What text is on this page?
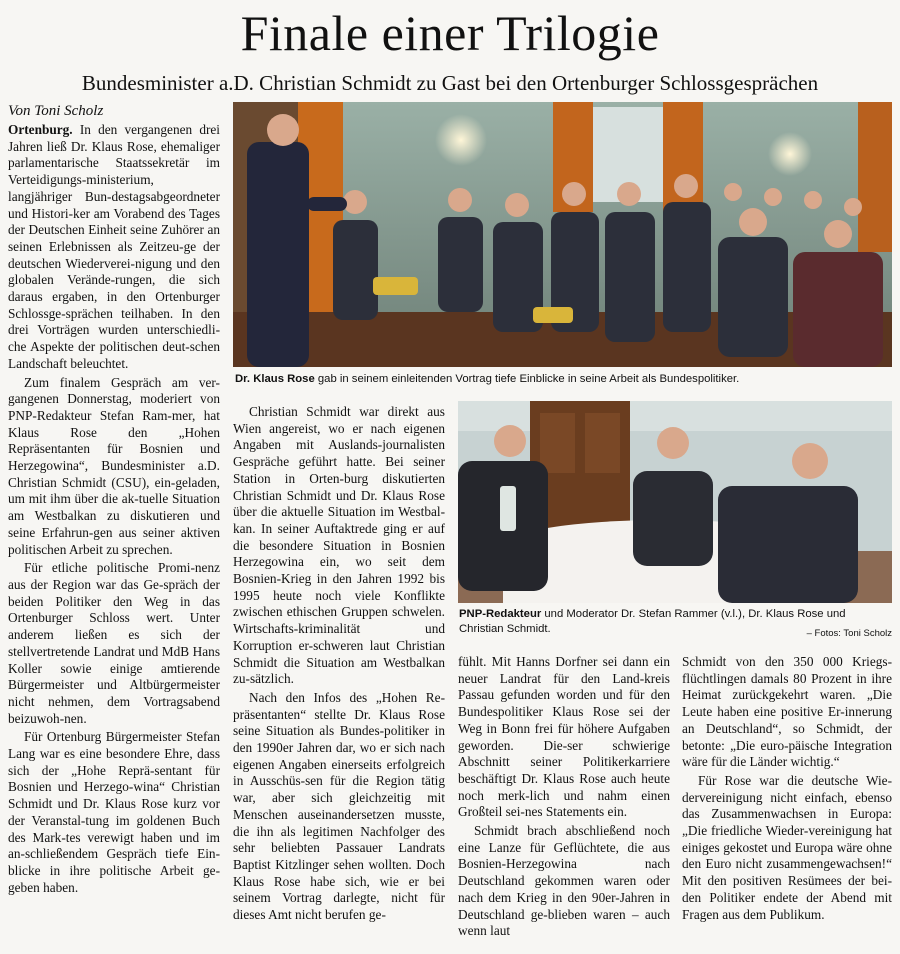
Finale einer Trilogie
Bundesminister a.D. Christian Schmidt zu Gast bei den Ortenburger Schlossgesprächen
Von Toni Scholz
Dr. Klaus Rose gab in seinem einleitenden Vortrag tiefe Einblicke in seine Arbeit als Bundespolitiker.
PNP-Redakteur und Moderator Dr. Stefan Rammer (v.l.), Dr. Klaus Rose und Christian Schmidt.	– Fotos: Toni Scholz

Ortenburg. In den vergangenen drei Jahren ließ Dr. Klaus Rose, ehemaliger parlamentarische Staatssekretär im Verteidigungs-ministerium, langjähriger Bun-destagsabgeordneter und Histori-ker am Vorabend des Tages der Deutschen Einheit seine Zuhörer an seinen Erlebnissen als Zeitzeu-ge der deutschen Wiederverei-nigung und den globalen Verände-rungen, die sich daraus ergaben, in den Ortenburger Schlossge-sprächen teilhaben. In den drei Vorträgen wurden unterschiedli-che Aspekte der politischen deut-schen Landschaft beleuchtet.

Zum finalem Gespräch am ver-gangenen Donnerstag, moderiert von PNP-Redakteur Stefan Ram-mer, hat Klaus Rose den „Hohen Repräsentanten für Bosnien und Herzegowina“, Bundesminister a.D. Christian Schmidt (CSU), ein-geladen, um mit ihm über die ak-tuelle Situation am Westbalkan zu diskutieren und seine Erfahrun-gen aus seiner aktiven politischen Arbeit zu sprechen.

Für etliche politische Promi-nenz aus der Region war das Ge-spräch der beiden Politiker den Weg in das Ortenburger Schloss wert. Unter anderem ließen es sich der stellvertretende Landrat und MdB Hans Koller sowie einige amtierende Bürgermeister und Altbürgermeister nicht nehmen, dem Vortragsabend beizuwoh-nen.

Für Ortenburg Bürgermeister Stefan Lang war es eine besondere Ehre, dass sich der „Hohe Reprä-sentant für Bosnien und Herzego-wina“ Christian Schmidt und Dr. Klaus Rose kurz vor der Veranstal-tung im goldenen Buch des Mark-tes verewigt haben und im an-schließendem Gespräch tiefe Ein-blicke in ihre politische Arbeit ge-geben haben.

Christian Schmidt war direkt aus Wien angereist, wo er nach eigenen Angaben mit Auslands-journalisten Gespräche geführt hatte. Bei seiner Station in Orten-burg diskutierten Christian Schmidt und Dr. Klaus Rose über die aktuelle Situation im Westbal-kan. In seiner Auftaktrede ging er auf die besondere Situation in Bosnien Herzegowina ein, wo seit dem Bosnien-Krieg in den Jahren 1992 bis 1995 heute noch viele Konflikte zwischen ethischen Gruppen schwelen. Wirtschafts-kriminalität und Korruption er-schweren laut Christian Schmidt die Situation am Westbalkan zu-sätzlich.

Nach den Infos des „Hohen Re-präsentanten“ stellte Dr. Klaus Rose seine Situation als Bundes-politiker in den 1990er Jahren dar, wo er sich nach eigenen Angaben einerseits erfolgreich in Ausschüs-sen für die Region tätig war, aber sich gleichzeitig mit Menschen auseinandersetzen musste, die ihn als legitimen Nachfolger des sehr beliebten Passauer Landrats Baptist Kitzlinger sehen wollten. Doch Klaus Rose habe sich, wie er bei seinem Vortrag darlegte, nicht für dieses Amt nicht berufen ge-

fühlt. Mit Hanns Dorfner sei dann ein neuer Landrat für den Land-kreis Passau gefunden worden und für den Bundespolitiker Klaus Rose sei der Weg in Bonn frei für höhere Aufgaben geworden. Die-ser schwierige Abschnitt seiner Politikerkarriere beschäftigt Dr. Klaus Rose auch heute noch merk-lich und nahm einen Großteil sei-nes Statements ein.

Schmidt brach abschließend noch eine Lanze für Geflüchtete, die aus Bosnien-Herzegowina nach Deutschland gekommen waren oder nach dem Krieg in den 90er-Jahren in Deutschland ge-blieben waren – auch wenn laut

Schmidt von den 350 000 Kriegs-flüchtlingen damals 80 Prozent in ihre Heimat zurückgekehrt waren. „Die Leute haben eine positive Er-innerung an Deutschland“, so Schmidt, der betonte: „Die euro-päische Integration wäre für die Länder wichtig.“

Für Rose war die deutsche Wie-dervereinigung nicht einfach, ebenso das Zusammenwachsen in Europa: „Die friedliche Wieder-vereinigung hat einiges gekostet und Europa wäre ohne den Euro nicht zusammengewachsen!“ Mit den positiven Resümees der bei-den Politiker endete der Abend mit Fragen aus dem Publikum.
